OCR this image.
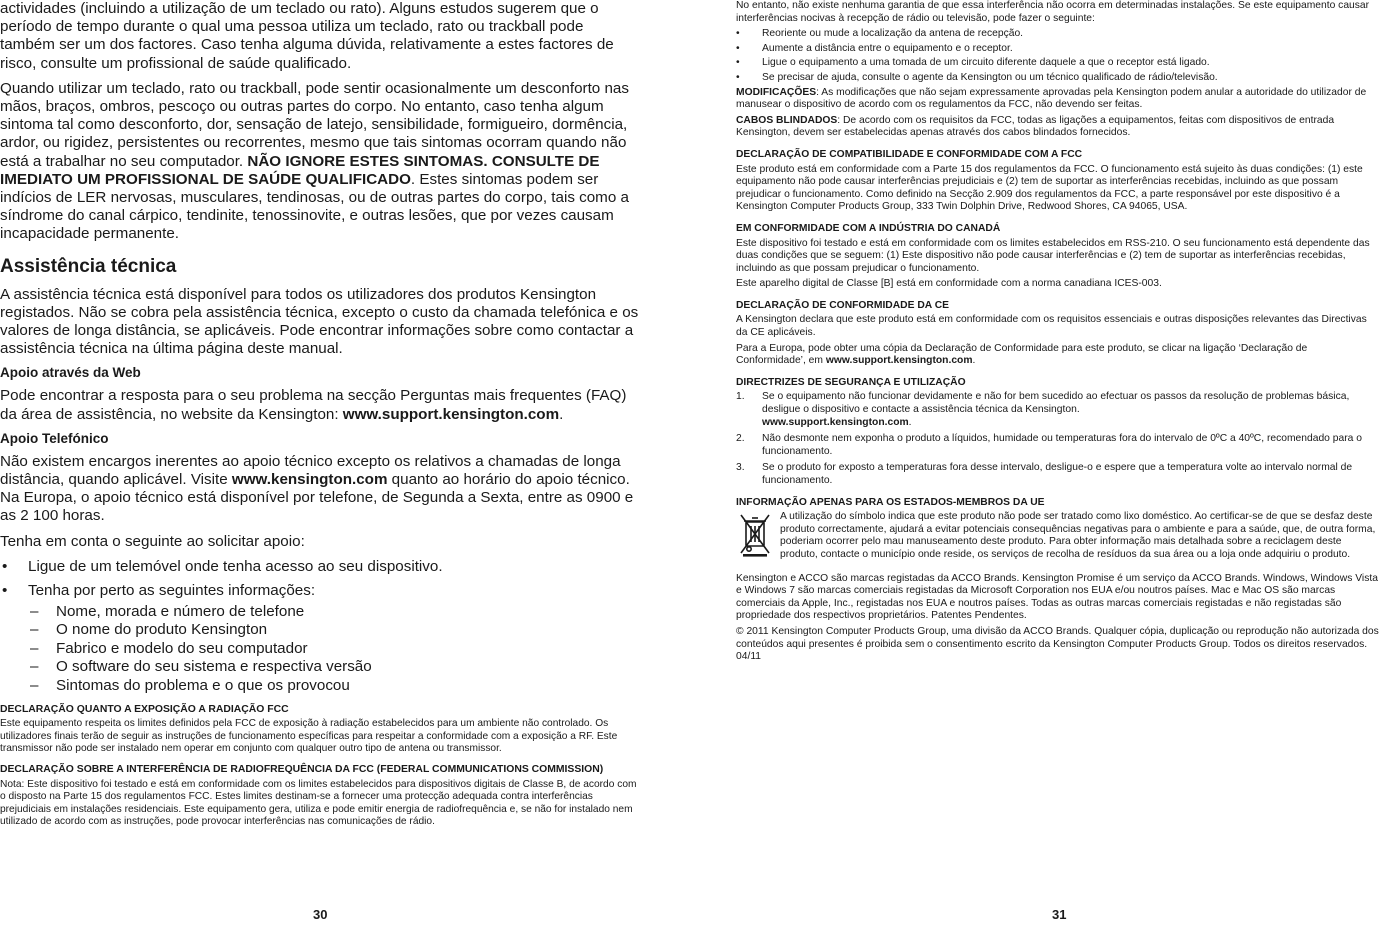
actividades (incluindo a utilização de um teclado ou rato). Alguns estudos sugerem que o período de tempo durante o qual uma pessoa utiliza um teclado, rato ou trackball pode também ser um dos factores. Caso tenha alguma dúvida, relativamente a estes factores de risco, consulte um profissional de saúde qualificado.

Quando utilizar um teclado, rato ou trackball, pode sentir ocasionalmente um desconforto nas mãos, braços, ombros, pescoço ou outras partes do corpo. No entanto, caso tenha algum sintoma tal como desconforto, dor, sensação de latejo, sensibilidade, formigueiro, dormência, ardor, ou rigidez, persistentes ou recorrentes, mesmo que tais sintomas ocorram quando não está a trabalhar no seu computador. NÃO IGNORE ESTES SINTOMAS. CONSULTE DE IMEDIATO UM PROFISSIONAL DE SAÚDE QUALIFICADO. Estes sintomas podem ser indícios de LER nervosas, musculares, tendinosas, ou de outras partes do corpo, tais como a síndrome do canal cárpico, tendinite, tenossinovite, e outras lesões, que por vezes causam incapacidade permanente.

Assistência técnica

A assistência técnica está disponível para todos os utilizadores dos produtos Kensington registados. Não se cobra pela assistência técnica, excepto o custo da chamada telefónica e os valores de longa distância, se aplicáveis. Pode encontrar informações sobre como contactar a assistência técnica na última página deste manual.

Apoio através da Web

Pode encontrar a resposta para o seu problema na secção Perguntas mais frequentes (FAQ) da área de assistência, no website da Kensington: www.support.kensington.com.

Apoio Telefónico

Não existem encargos inerentes ao apoio técnico excepto os relativos a chamadas de longa distância, quando aplicável. Visite www.kensington.com quanto ao horário do apoio técnico. Na Europa, o apoio técnico está disponível por telefone, de Segunda a Sexta, entre as 0900 e as 2 100 horas.

Tenha em conta o seguinte ao solicitar apoio:

• Ligue de um telemóvel onde tenha acesso ao seu dispositivo.
• Tenha por perto as seguintes informações:
– Nome, morada e número de telefone
– O nome do produto Kensington
– Fabrico e modelo do seu computador
– O software do seu sistema e respectiva versão
– Sintomas do problema e o que os provocou

DECLARAÇÃO QUANTO A EXPOSIÇÃO A RADIAÇÃO FCC

Este equipamento respeita os limites definidos pela FCC de exposição à radiação estabelecidos para um ambiente não controlado. Os utilizadores finais terão de seguir as instruções de funcionamento específicas para respeitar a conformidade com a exposição a RF. Este transmissor não pode ser instalado nem operar em conjunto com qualquer outro tipo de antena ou transmissor.

DECLARAÇÃO SOBRE A INTERFERÊNCIA DE RADIOFREQUÊNCIA DA FCC (FEDERAL COMMUNICATIONS COMMISSION)

Nota: Este dispositivo foi testado e está em conformidade com os limites estabelecidos para dispositivos digitais de Classe B, de acordo com o disposto na Parte 15 dos regulamentos FCC. Estes limites destinam-se a fornecer uma protecção adequada contra interferências prejudiciais em instalações residenciais. Este equipamento gera, utiliza e pode emitir energia de radiofrequência e, se não for instalado nem utilizado de acordo com as instruções, pode provocar interferências nas comunicações de rádio.

30

No entanto, não existe nenhuma garantia de que essa interferência não ocorra em determinadas instalações. Se este equipamento causar interferências nocivas à recepção de rádio ou televisão, pode fazer o seguinte:

• Reoriente ou mude a localização da antena de recepção.
• Aumente a distância entre o equipamento e o receptor.
• Ligue o equipamento a uma tomada de um circuito diferente daquele a que o receptor está ligado.
• Se precisar de ajuda, consulte o agente da Kensington ou um técnico qualificado de rádio/televisão.

MODIFICAÇÕES: As modificações que não sejam expressamente aprovadas pela Kensington podem anular a autoridade do utilizador de manusear o dispositivo de acordo com os regulamentos da FCC, não devendo ser feitas.

CABOS BLINDADOS: De acordo com os requisitos da FCC, todas as ligações a equipamentos, feitas com dispositivos de entrada Kensington, devem ser estabelecidas apenas através dos cabos blindados fornecidos.

DECLARAÇÃO DE COMPATIBILIDADE E CONFORMIDADE COM A FCC

Este produto está em conformidade com a Parte 15 dos regulamentos da FCC. O funcionamento está sujeito às duas condições: (1) este equipamento não pode causar interferências prejudiciais e (2) tem de suportar as interferências recebidas, incluindo as que possam prejudicar o funcionamento. Como definido na Secção 2.909 dos regulamentos da FCC, a parte responsável por este dispositivo é a Kensington Computer Products Group, 333 Twin Dolphin Drive, Redwood Shores, CA 94065, USA.

EM CONFORMIDADE COM A INDÚSTRIA DO CANADÁ

Este dispositivo foi testado e está em conformidade com os limites estabelecidos em RSS-210. O seu funcionamento está dependente das duas condições que se seguem: (1) Este dispositivo não pode causar interferências e (2) tem de suportar as interferências recebidas, incluindo as que possam prejudicar o funcionamento.

Este aparelho digital de Classe [B] está em conformidade com a norma canadiana ICES-003.

DECLARAÇÃO DE CONFORMIDADE DA CE

A Kensington declara que este produto está em conformidade com os requisitos essenciais e outras disposições relevantes das Directivas da CE aplicáveis.

Para a Europa, pode obter uma cópia da Declaração de Conformidade para este produto, se clicar na ligação ‘Declaração de Conformidade’, em www.support.kensington.com.

DIRECTRIZES DE SEGURANÇA E UTILIZAÇÃO

1. Se o equipamento não funcionar devidamente e não for bem sucedido ao efectuar os passos da resolução de problemas básica, desligue o dispositivo e contacte a assistência técnica da Kensington.
www.support.kensington.com.
2. Não desmonte nem exponha o produto a líquidos, humidade ou temperaturas fora do intervalo de 0ºC a 40ºC, recomendado para o funcionamento.
3. Se o produto for exposto a temperaturas fora desse intervalo, desligue-o e espere que a temperatura volte ao intervalo normal de funcionamento.

INFORMAÇÃO APENAS PARA OS ESTADOS-MEMBROS DA UE

A utilização do símbolo indica que este produto não pode ser tratado como lixo doméstico. Ao certificar-se de que se desfaz deste produto correctamente, ajudará a evitar potenciais consequências negativas para o ambiente e para a saúde, que, de outra forma, poderiam ocorrer pelo mau manuseamento deste produto. Para obter informação mais detalhada sobre a reciclagem deste produto, contacte o município onde reside, os serviços de recolha de resíduos da sua área ou a loja onde adquiriu o produto.

Kensington e ACCO são marcas registadas da ACCO Brands. Kensington Promise é um serviço da ACCO Brands. Windows, Windows Vista e Windows 7 são marcas comerciais registadas da Microsoft Corporation nos EUA e/ou noutros países. Mac e Mac OS são marcas comerciais da Apple, Inc., registadas nos EUA e noutros países. Todas as outras marcas comerciais registadas e não registadas são propriedade dos respectivos proprietários. Patentes Pendentes.

© 2011 Kensington Computer Products Group, uma divisão da ACCO Brands. Qualquer cópia, duplicação ou reprodução não autorizada dos conteúdos aqui presentes é proibida sem o consentimento escrito da Kensington Computer Products Group. Todos os direitos reservados. 04/11

31
